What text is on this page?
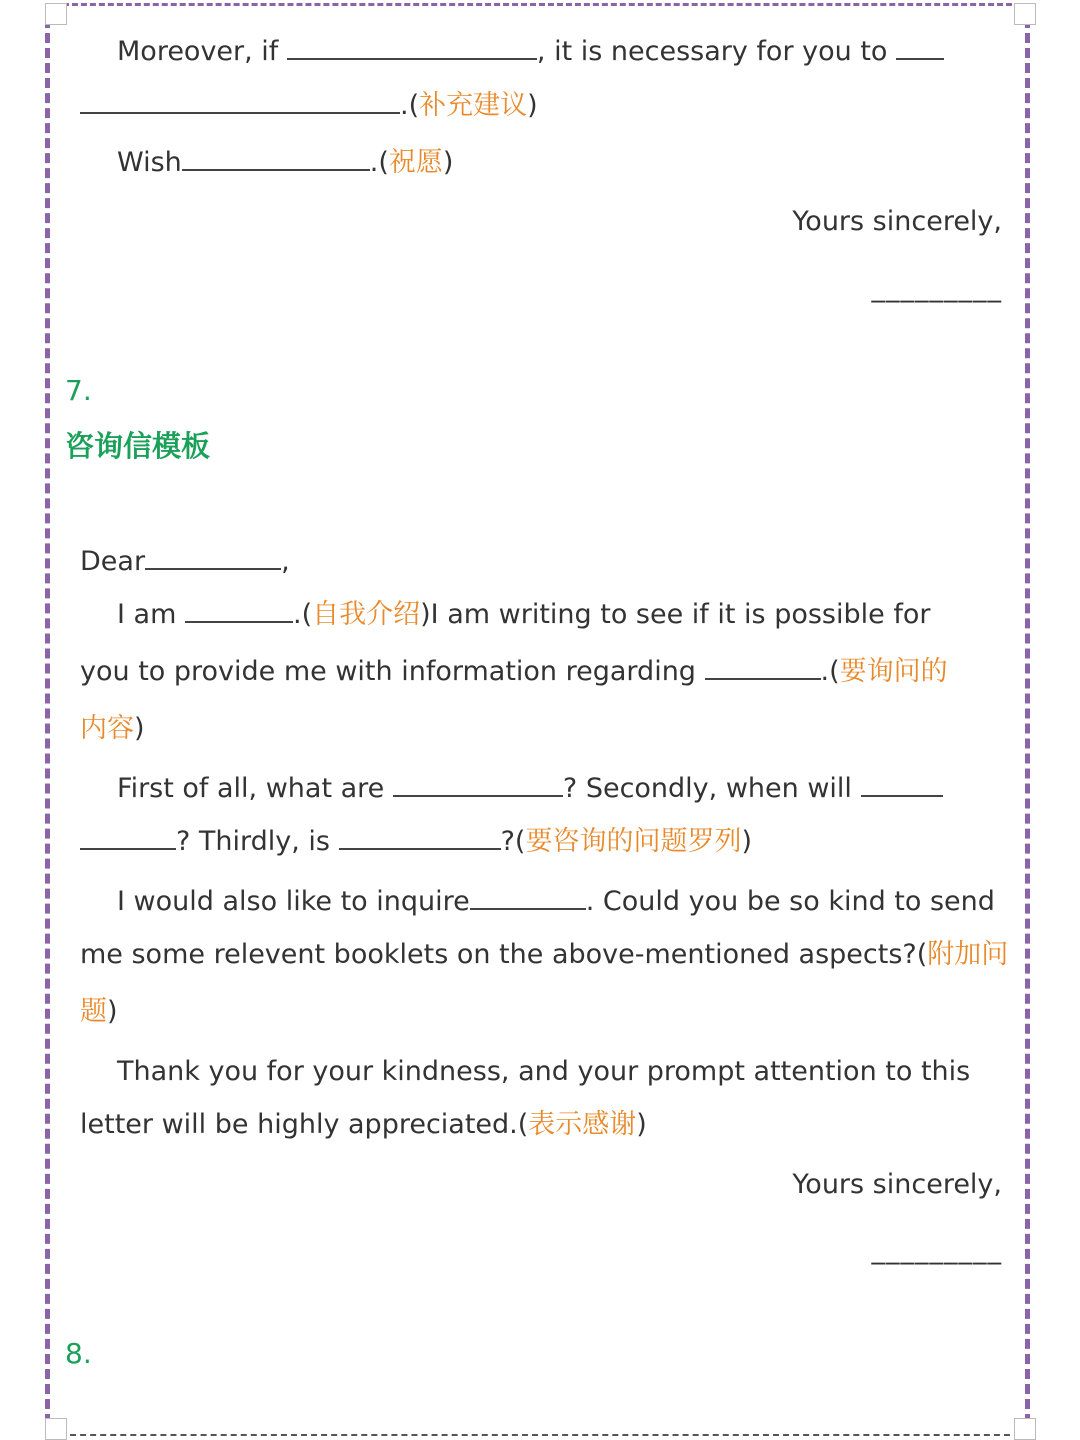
Moreover, if	, it is necessary for you to
.(补充建议)
Wish	.(祝愿)
Yours sincerely,
_________
7.
咨询信模板
Dear	,
I am	.(自我介绍)I am writing to see if it is possible for
you to provide me with information regarding	.(要询问的
内容)
First of all, what are	? Secondly, when will
? Thirdly, is	?(要咨询的问题罗列)
I would also like to inquire	. Could you be so kind to send
me some relevent booklets on the above-mentioned aspects?(附加问
题)
Thank you for your kindness, and your prompt attention to this
letter will be highly appreciated.(表示感谢)
Yours sincerely,
_________
8.
